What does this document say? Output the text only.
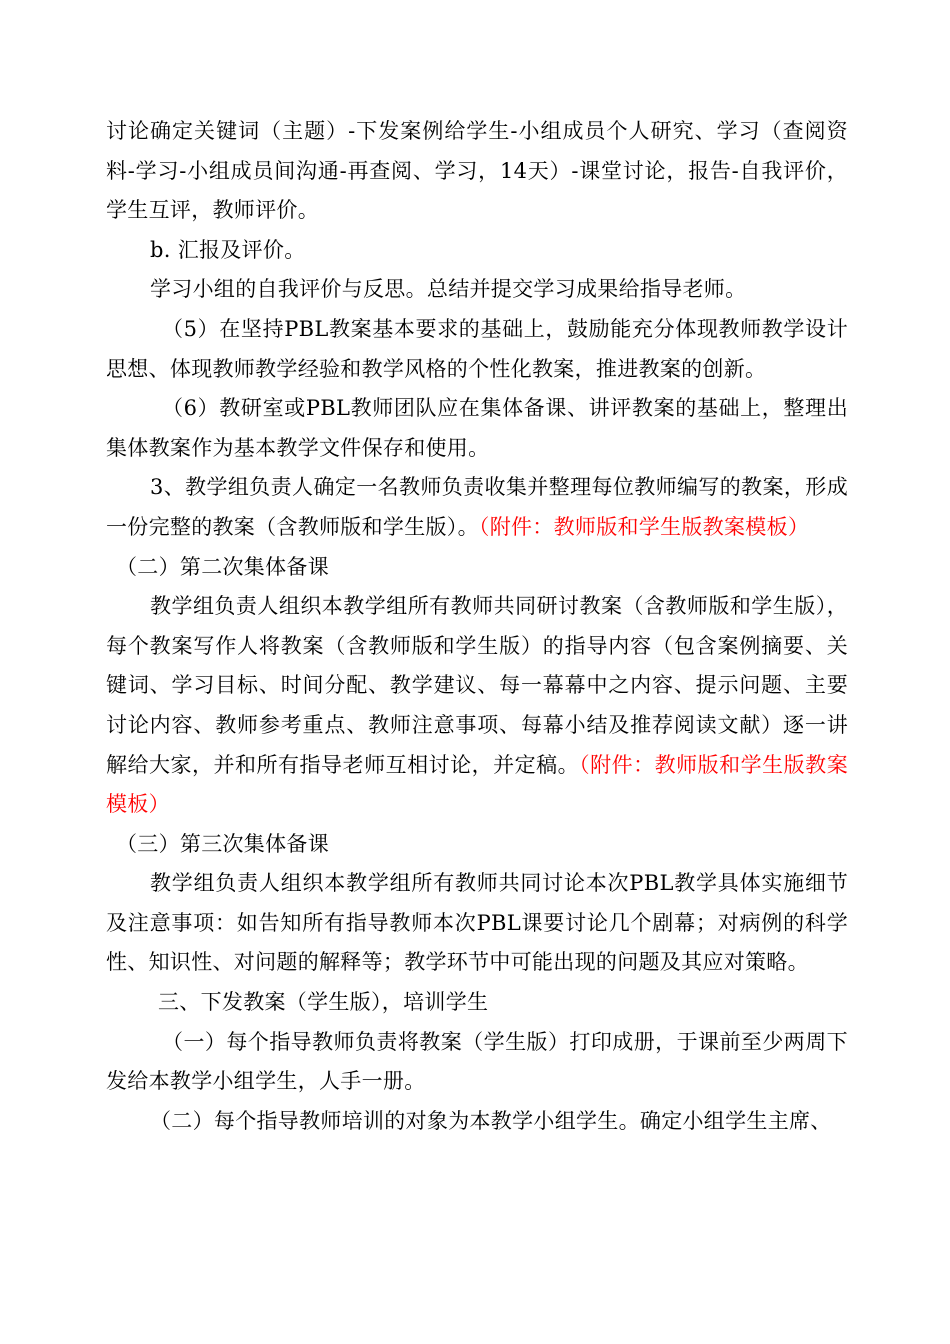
讨论确定关键词（主题）-下发案例给学生-小组成员个人研究、学习（查阅资料-学习-小组成员间沟通-再查阅、学习，14天）-课堂讨论，报告-自我评价，学生互评，教师评价。

b. 汇报及评价。

学习小组的自我评价与反思。总结并提交学习成果给指导老师。

（5）在坚持PBL教案基本要求的基础上，鼓励能充分体现教师教学设计思想、体现教师教学经验和教学风格的个性化教案，推进教案的创新。

（6）教研室或PBL教师团队应在集体备课、讲评教案的基础上，整理出集体教案作为基本教学文件保存和使用。

3、教学组负责人确定一名教师负责收集并整理每位教师编写的教案，形成一份完整的教案（含教师版和学生版）。（附件：教师版和学生版教案模板）

（二）第二次集体备课

教学组负责人组织本教学组所有教师共同研讨教案（含教师版和学生版），每个教案写作人将教案（含教师版和学生版）的指导内容（包含案例摘要、关键词、学习目标、时间分配、教学建议、每一幕幕中之内容、提示问题、主要讨论内容、教师参考重点、教师注意事项、每幕小结及推荐阅读文献）逐一讲解给大家，并和所有指导老师互相讨论，并定稿。（附件：教师版和学生版教案模板）

（三）第三次集体备课

教学组负责人组织本教学组所有教师共同讨论本次PBL教学具体实施细节及注意事项：如告知所有指导教师本次PBL课要讨论几个剧幕；对病例的科学性、知识性、对问题的解释等；教学环节中可能出现的问题及其应对策略。

三、下发教案（学生版），培训学生

（一）每个指导教师负责将教案（学生版）打印成册，于课前至少两周下发给本教学小组学生，人手一册。

（二）每个指导教师培训的对象为本教学小组学生。确定小组学生主席、
